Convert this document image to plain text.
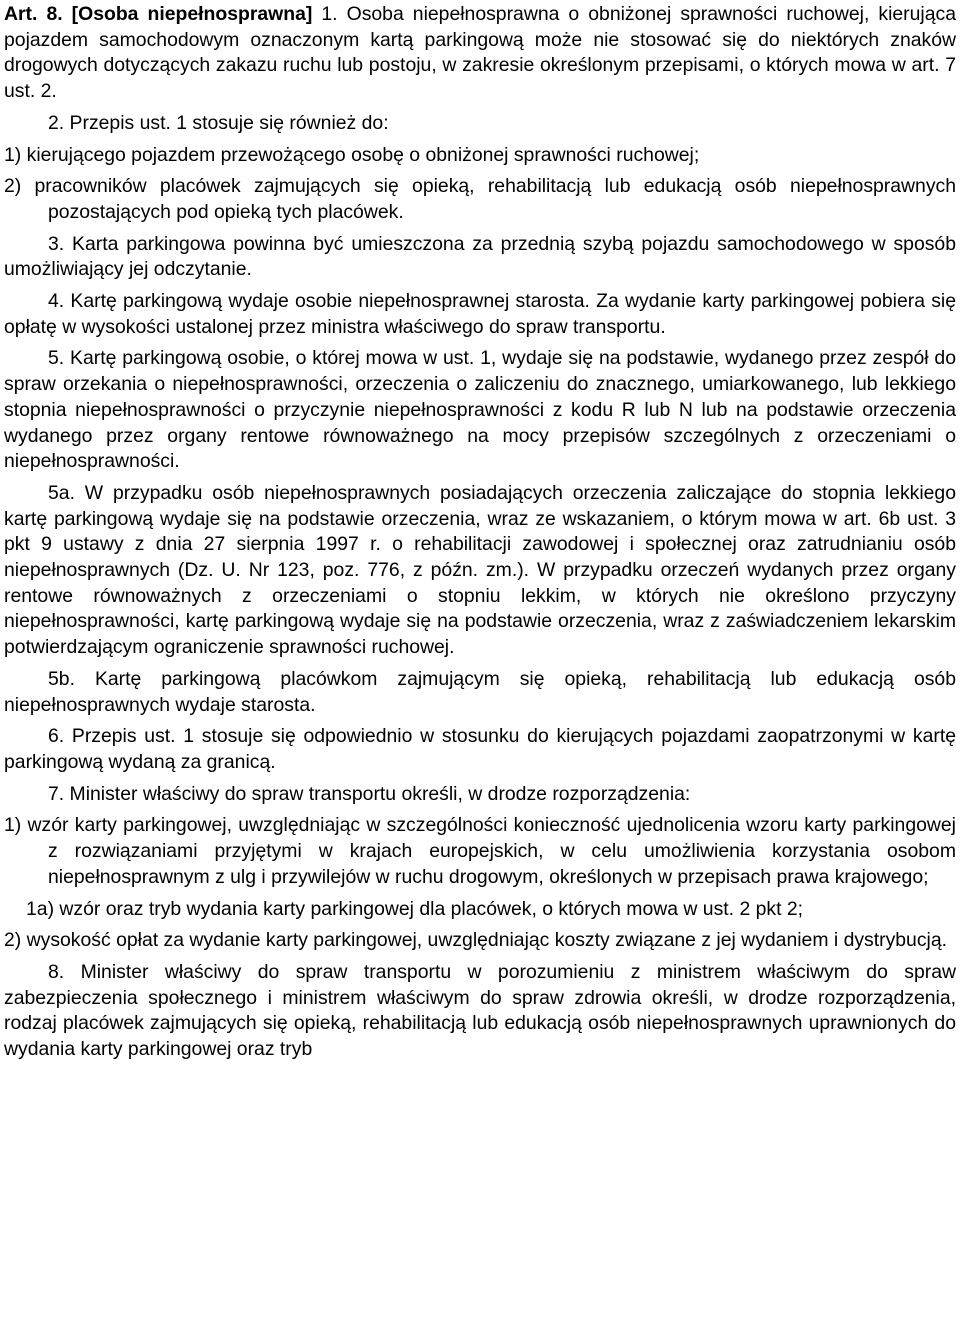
Art. 8. [Osoba niepełnosprawna] 1. Osoba niepełnosprawna o obniżonej sprawności ruchowej, kierująca pojazdem samochodowym oznaczonym kartą parkingową może nie stosować się do niektórych znaków drogowych dotyczących zakazu ruchu lub postoju, w zakresie określonym przepisami, o których mowa w art. 7 ust. 2.

2. Przepis ust. 1 stosuje się również do:

1) kierującego pojazdem przewożącego osobę o obniżonej sprawności ruchowej;

2) pracowników placówek zajmujących się opieką, rehabilitacją lub edukacją osób niepełnosprawnych pozostających pod opieką tych placówek.

3. Karta parkingowa powinna być umieszczona za przednią szybą pojazdu samochodowego w sposób umożliwiający jej odczytanie.

4. Kartę parkingową wydaje osobie niepełnosprawnej starosta. Za wydanie karty parkingowej pobiera się opłatę w wysokości ustalonej przez ministra właściwego do spraw transportu.

5. Kartę parkingową osobie, o której mowa w ust. 1, wydaje się na podstawie, wydanego przez zespół do spraw orzekania o niepełnosprawności, orzeczenia o zaliczeniu do znacznego, umiarkowanego, lub lekkiego stopnia niepełnosprawności o przyczynie niepełnosprawności z kodu R lub N lub na podstawie orzeczenia wydanego przez organy rentowe równoważnego na mocy przepisów szczególnych z orzeczeniami o niepełnosprawności.

5a. W przypadku osób niepełnosprawnych posiadających orzeczenia zaliczające do stopnia lekkiego kartę parkingową wydaje się na podstawie orzeczenia, wraz ze wskazaniem, o którym mowa w art. 6b ust. 3 pkt 9 ustawy z dnia 27 sierpnia 1997 r. o rehabilitacji zawodowej i społecznej oraz zatrudnianiu osób niepełnosprawnych (Dz. U. Nr 123, poz. 776, z późn. zm.). W przypadku orzeczeń wydanych przez organy rentowe równoważnych z orzeczeniami o stopniu lekkim, w których nie określono przyczyny niepełnosprawności, kartę parkingową wydaje się na podstawie orzeczenia, wraz z zaświadczeniem lekarskim potwierdzającym ograniczenie sprawności ruchowej.

5b. Kartę parkingową placówkom zajmującym się opieką, rehabilitacją lub edukacją osób niepełnosprawnych wydaje starosta.

6. Przepis ust. 1 stosuje się odpowiednio w stosunku do kierujących pojazdami zaopatrzonymi w kartę parkingową wydaną za granicą.

7. Minister właściwy do spraw transportu określi, w drodze rozporządzenia:

1) wzór karty parkingowej, uwzględniając w szczególności konieczność ujednolicenia wzoru karty parkingowej z rozwiązaniami przyjętymi w krajach europejskich, w celu umożliwienia korzystania osobom niepełnosprawnym z ulg i przywilejów w ruchu drogowym, określonych w przepisach prawa krajowego;

1a) wzór oraz tryb wydania karty parkingowej dla placówek, o których mowa w ust. 2 pkt 2;

2) wysokość opłat za wydanie karty parkingowej, uwzględniając koszty związane z jej wydaniem i dystrybucją.

8. Minister właściwy do spraw transportu w porozumieniu z ministrem właściwym do spraw zabezpieczenia społecznego i ministrem właściwym do spraw zdrowia określi, w drodze rozporządzenia, rodzaj placówek zajmujących się opieką, rehabilitacją lub edukacją osób niepełnosprawnych uprawnionych do wydania karty parkingowej oraz tryb
